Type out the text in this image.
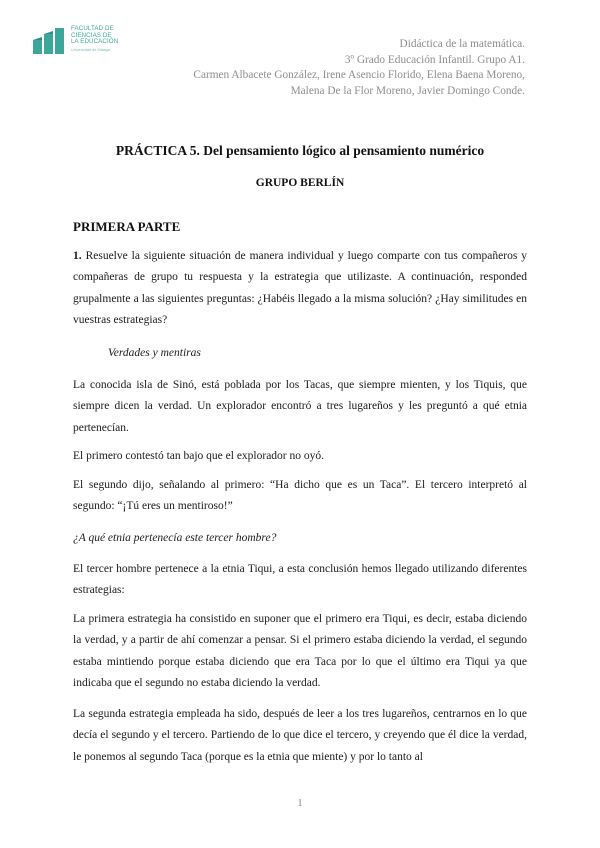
FACULTAD DE
CIENCIAS DE
LA EDUCACIÓN
Universidad de Málaga	Didáctica de la matemática.
3º Grado Educación Infantil. Grupo A1.
Carmen Albacete González, Irene Asencio Florido, Elena Baena Moreno,
Malena De la Flor Moreno, Javier Domingo Conde.
PRÁCTICA 5. Del pensamiento lógico al pensamiento numérico
GRUPO BERLÍN
PRIMERA PARTE
1. Resuelve la siguiente situación de manera individual y luego comparte con tus compañeros y compañeras de grupo tu respuesta y la estrategia que utilizaste. A continuación, responded grupalmente a las siguientes preguntas: ¿Habéis llegado a la misma solución? ¿Hay similitudes en vuestras estrategias?
Verdades y mentiras
La conocida isla de Sinó, está poblada por los Tacas, que siempre mienten, y los Tiquis, que siempre dicen la verdad. Un explorador encontró a tres lugareños y les preguntó a qué etnia pertenecían.
El primero contestó tan bajo que el explorador no oyó.
El segundo dijo, señalando al primero: “Ha dicho que es un Taca”. El tercero interpretó al segundo: “¡Tú eres un mentiroso!”
¿A qué etnia pertenecía este tercer hombre?
El tercer hombre pertenece a la etnia Tiqui, a esta conclusión hemos llegado utilizando diferentes estrategias:
La primera estrategia ha consistido en suponer que el primero era Tiqui, es decir, estaba diciendo la verdad, y a partir de ahí comenzar a pensar. Si el primero estaba diciendo la verdad, el segundo estaba mintiendo porque estaba diciendo que era Taca por lo que el último era Tiqui ya que indicaba que el segundo no estaba diciendo la verdad.
La segunda estrategia empleada ha sido, después de leer a los tres lugareños, centrarnos en lo que decía el segundo y el tercero. Partiendo de lo que dice el tercero, y creyendo que él dice la verdad, le ponemos al segundo Taca (porque es la etnia que miente) y por lo tanto al
1
